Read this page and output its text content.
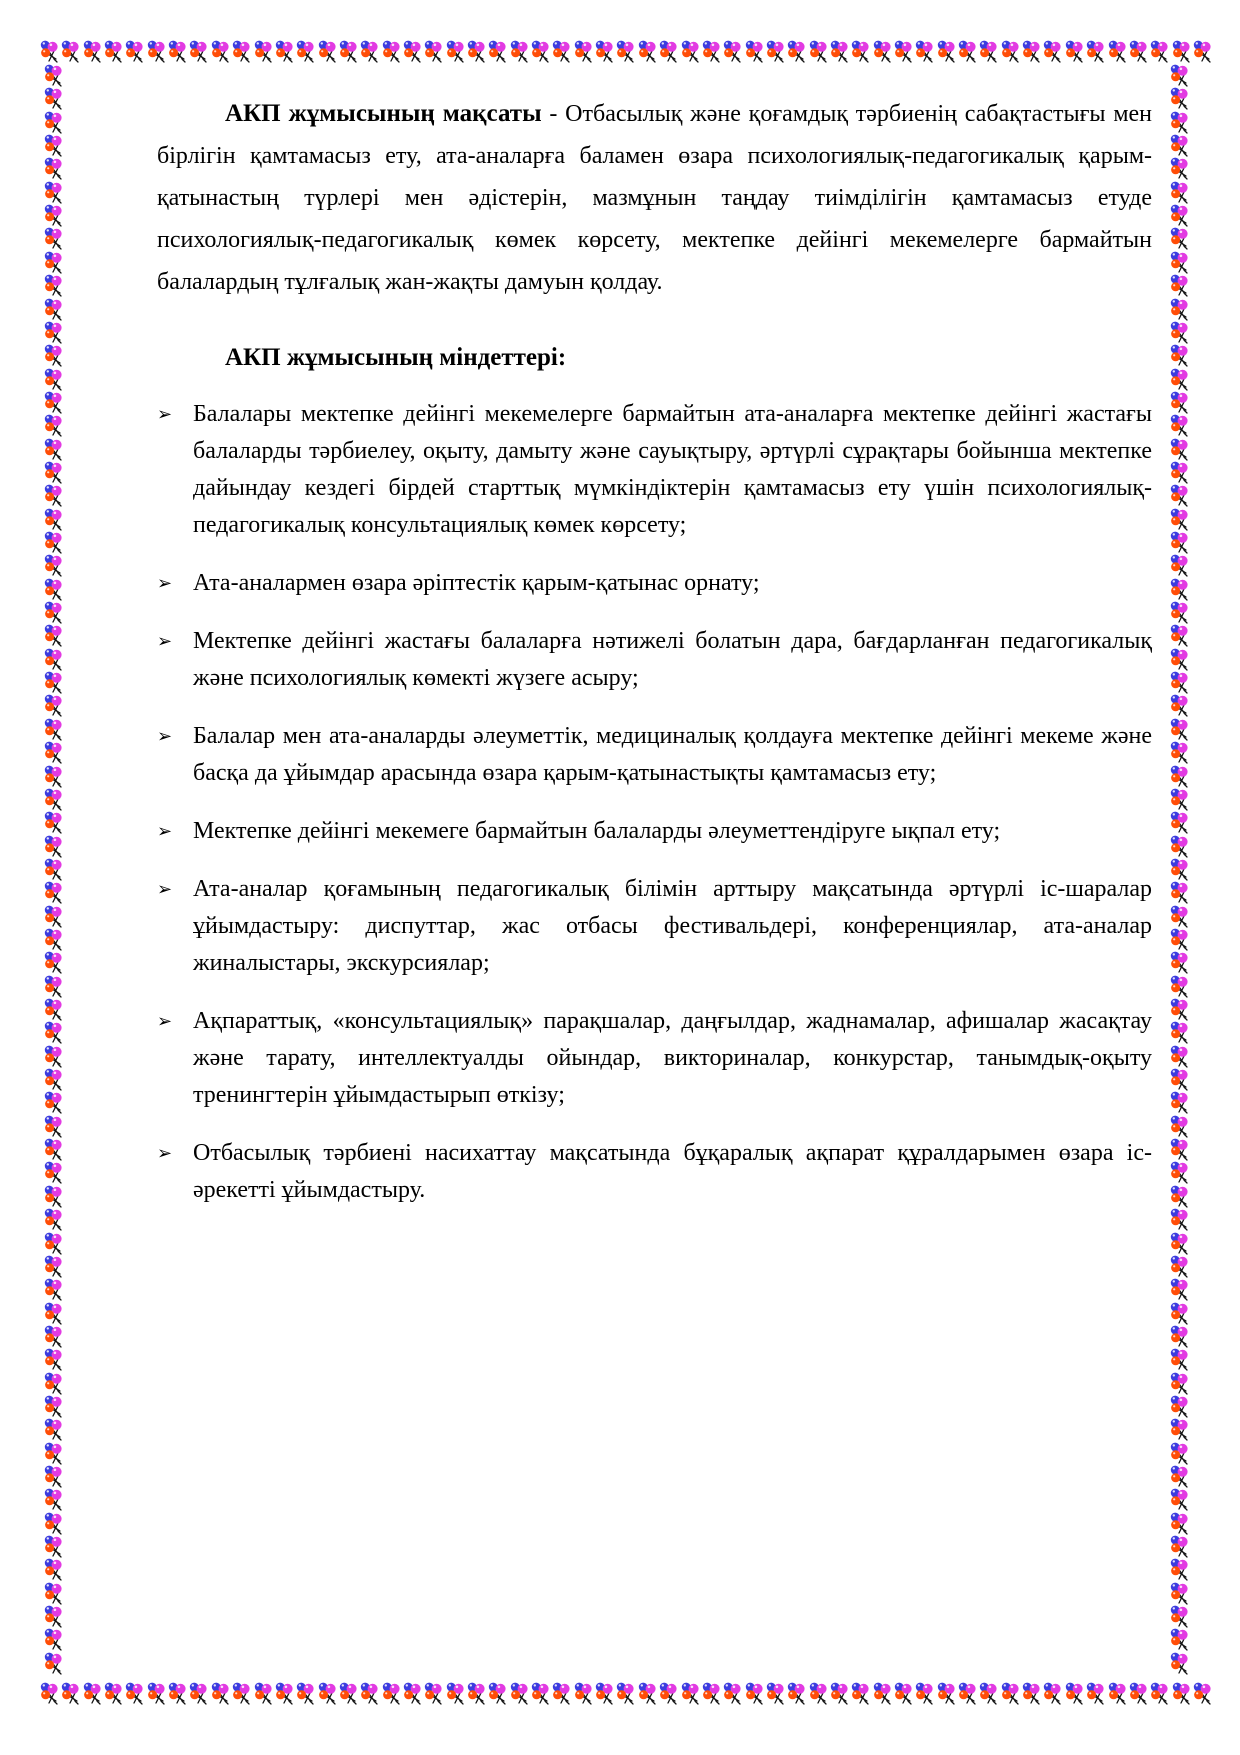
АКП жұмысының мақсаты - Отбасылық және қоғамдық тәрбиенің сабақтастығы мен бірлігін қамтамасыз ету, ата-аналарға баламен өзара психологиялық-педагогикалық қарым-қатынастың түрлері мен әдістерін, мазмұнын таңдау тиімділігін қамтамасыз етуде психологиялық-педагогикалық көмек көрсету, мектепке дейінгі мекемелерге бармайтын балалардың тұлғалық жан-жақты дамуын қолдау.

АКП жұмысының міндеттері:

➢ Балалары мектепке дейінгі мекемелерге бармайтын ата-аналарға мектепке дейінгі жастағы балаларды тәрбиелеу, оқыту, дамыту және сауықтыру, әртүрлі сұрақтары бойынша мектепке дайындау кездегі бірдей старттық мүмкіндіктерін қамтамасыз ету үшін психологиялық-педагогикалық консультациялық көмек көрсету;
➢ Ата-аналармен өзара әріптестік қарым-қатынас орнату;
➢ Мектепке дейінгі жастағы балаларға нәтижелі болатын дара, бағдарланған педагогикалық және психологиялық көмекті жүзеге асыру;
➢ Балалар мен ата-аналарды әлеуметтік, медициналық қолдауға мектепке дейінгі мекеме және басқа да ұйымдар арасында өзара қарым-қатынастықты қамтамасыз ету;
➢ Мектепке дейінгі мекемеге бармайтын балаларды әлеуметтендіруге ықпал ету;
➢ Ата-аналар қоғамының педагогикалық білімін арттыру мақсатында әртүрлі іс-шаралар ұйымдастыру: диспуттар, жас отбасы фестивальдері, конференциялар, ата-аналар жиналыстары, экскурсиялар;
➢ Ақпараттық, «консультациялық» парақшалар, даңғылдар, жаднамалар, афишалар жасақтау және тарату, интеллектуалды ойындар, викториналар, конкурстар, танымдық-оқыту тренингтерін ұйымдастырып өткізу;
➢ Отбасылық тәрбиені насихаттау мақсатында бұқаралық ақпарат құралдарымен өзара іс-әрекетті ұйымдастыру.
